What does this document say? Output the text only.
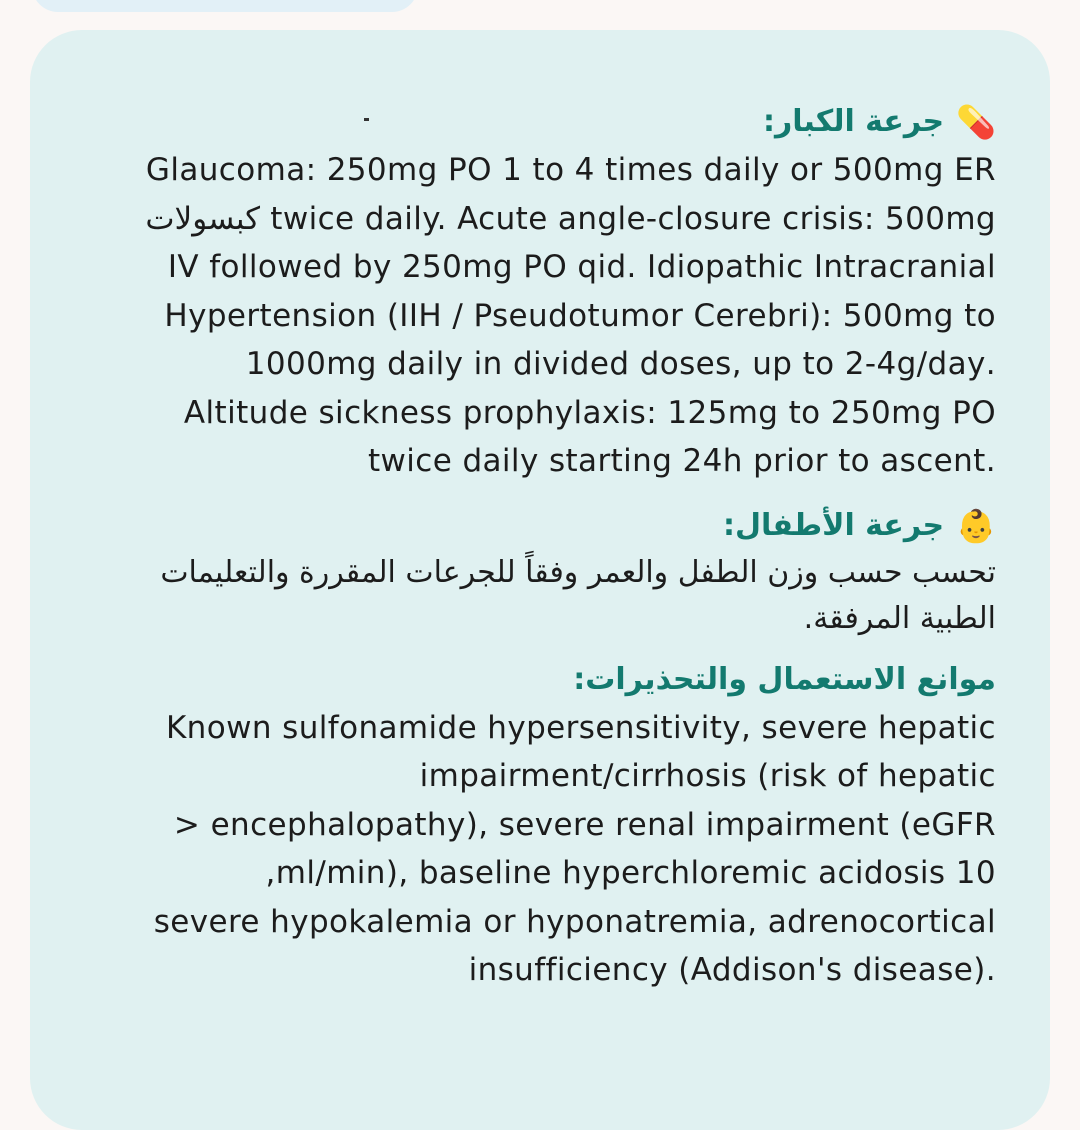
💊
جرعة الكبار:

Glaucoma: 250mg PO 1 to 4 times daily or 500mg ER
twice daily. Acute angle-closure crisis: 500mg كبسولات
IV followed by 250mg PO qid. Idiopathic Intracranial
Hypertension (IIH / Pseudotumor Cerebri): 500mg to
.1000mg daily in divided doses, up to 2-4g/day
Altitude sickness prophylaxis: 125mg to 250mg PO
.twice daily starting 24h prior to ascent

👶
جرعة الأطفال:

تحسب حسب وزن الطفل والعمر وفقاً للجرعات المقررة والتعليمات
الطبية المرفقة.

موانع الاستعمال والتحذيرات:

Known sulfonamide hypersensitivity, severe hepatic
impairment/cirrhosis (risk of hepatic
encephalopathy), severe renal impairment (eGFR <
10 ml/min), baseline hyperchloremic acidosis,
severe hypokalemia or hyponatremia, adrenocortical
.insufficiency (Addison's disease)
